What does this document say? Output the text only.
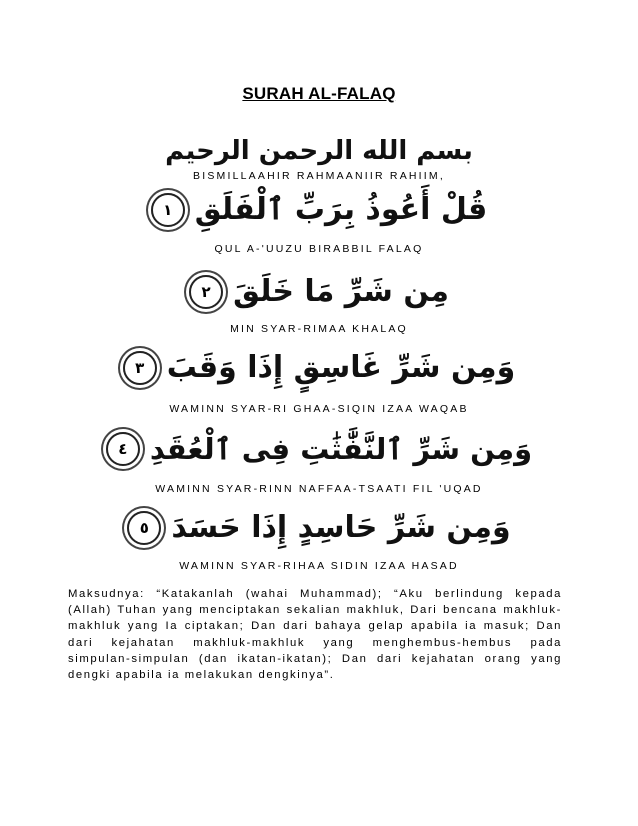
SURAH AL-FALAQ
بسم الله الرحمن الرحيم
BISMILLAAHIR RAHMAANIIR RAHIIM,
١ قُلْ أَعُوذُ بِرَبِّ ٱلْفَلَقِ
QUL A-'UUZU BIRABBIL FALAQ
٢ مِن شَرِّ مَا خَلَقَ
MIN SYAR-RIMAA KHALAQ
٣ وَمِن شَرِّ غَاسِقٍ إِذَا وَقَبَ
WAMINN SYAR-RI GHAA-SIQIN IZAA WAQAB
٤ وَمِن شَرِّ ٱلنَّفَّٰثَٰتِ فِى ٱلْعُقَدِ
WAMINN SYAR-RINN NAFFAA-TSAATI FIL 'UQAD
٥ وَمِن شَرِّ حَاسِدٍ إِذَا حَسَدَ
WAMINN SYAR-RIHAA SIDIN IZAA HASAD
Maksudnya: “Katakanlah (wahai Muhammad); “Aku berlindung kepada (Allah) Tuhan yang menciptakan sekalian makhluk, Dari bencana makhluk-makhluk yang Ia ciptakan; Dan dari bahaya gelap apabila ia masuk; Dan dari kejahatan makhluk-makhluk yang menghembus-hembus pada simpulan-simpulan (dan ikatan-ikatan); Dan dari kejahatan orang yang dengki apabila ia melakukan dengkinya”.
